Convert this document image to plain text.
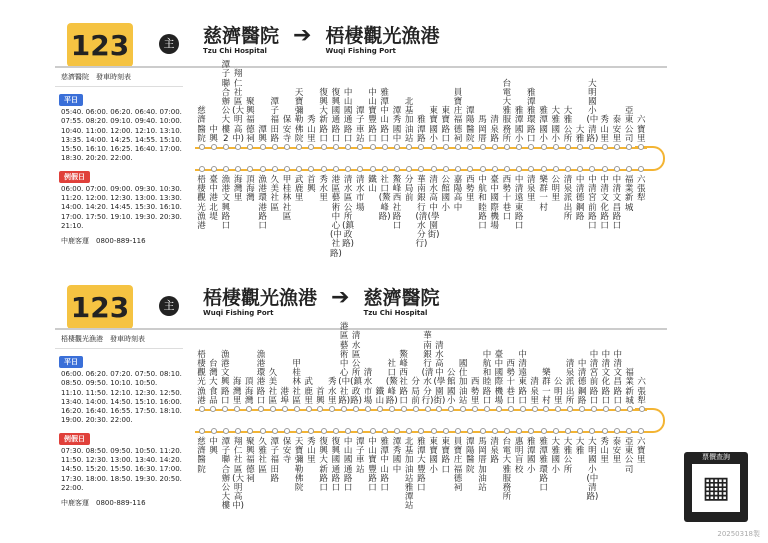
123	主 慈濟醫院
Tzu Chi Hospital
➔ 梧棲觀光漁港
Wuqi Fishing Port
慈濟醫院　發車時刻表
平日
05:40. 06:00. 06:20. 06:40. 07:00.
07:55. 08:20. 09:10. 09:40. 10:00.
10:40. 11:00. 12:00. 12:10. 13:10.
13:35. 14:00. 14:25. 14:55. 15:10.
15:50. 16:10. 16:25. 16:40. 17:00.
18:30. 20:20. 22:00.
例假日
06:00. 07:00. 09:00. 09:30. 10:30.
11:20. 12:00. 12:30. 13:00. 13:30.
14:00. 14:20. 14:45. 15:30. 16:10.
17:00. 17:50. 19:10. 19:30. 20:30.
21:10.
中鹿客運　0800-889-116
慈濟醫院
中興
子聯合辦公大樓2
翔仁社區(大明高中)
聚興福德祠
潭興
潭子福田路
保安寺
天寶彌勒佛院
秀山里
復興大新路口
復興國通路口
中山國通路口
潭子車站
中山寶豐路口
雅潭中山路口
潭秀國中
北基加油站
雅潭路
東寶國小
東寶路口
員寶庄福德祠
潭陽醫院
馬岡厝
清泉路
台電大雅服務所
雅潭國小
雅潭雅環路口
雅潭國小
大雅國小
大雅公所
大雅
大明國小(中清路)
秀山里
泰安里
亞東公司
六寶里
梧棲觀光漁港
臺中港北堤
漁港文興路口
海灣里
頂海灣
漁港環港路口
久美社區
甲桂林社區
武鹿里
首興
秀水里
港區藝術中心(中社路)
清水區公所(鎮政路)
清水市場
鐵山
社口(鰲峰路)
鰲峰西社路口
分局前
華南銀行(清水分行)
清水高中(學園街)
公館國小
嘉陽高中
西勢里
中航和睦路口
臺中國際機場
西勢十巷口
中清遠東路口
清泉里
樂群一村
公明里
清泉派出所
中清德鋼路
中清宮前路口
中清文化路口
中清文昌路口
福業新城
六張犁
123	主 梧棲觀光漁港
Wuqi Fishing Port
➔ 慈濟醫院
Tzu Chi Hospital
梧棲觀光漁港　發車時刻表
平日
06:00. 06:20. 07:20. 07:50. 08:10.
08:50. 09:50. 10:10. 10:50.
11:10. 11:50. 12:10. 12:30. 12:50.
13:40. 14:00. 14:50. 15:10. 16:00.
16:20. 16:40. 16:55. 17:50. 18:10.
19:00. 20:30. 22:00.
例假日
07:30. 08:50. 09:50. 10:50. 11:20.
11:50. 12:30. 13:00. 13:40. 14:20.
14:50. 15:20. 15:50. 16:30. 17:00.
17:30. 18:00. 18:50. 19:30. 20:50.
22:00.
中鹿客運　0800-889-116
梧棲觀光漁港
台灣大食品
漁港文興路口
海灣里
頂海灣
漁港環港路口
久美社區
港埠
甲桂林社區
武鹿里
首興
秀水里
區藝術中心(中社路)
清水區公所(鎮政路)
清水市場
鐵山
社口(鰲峰路)
鰲峰西社路口
分局前
華南銀行(清水分行)
清水高中(學園街)
公館國小
國仕加油站
西勢里
中航和睦路口
臺中國際機場
西勢十巷口
中清遠東路口
清泉里
樂群一村
公明里
清泉派出所
中清德鋼路
中清宮前路口
中清文化路口
中清文昌路口
福業新城
六張犁
慈濟醫院
中興
潭子聯合辦公大樓
翔仁社區(大明高中)
聚興福德祠
久雅社區
潭子福田路
保安寺
天寶彌勒佛院
秀山里
復興大新路口
復興國通路口
中山國通路口
潭子車站
中山寶豐路口
雅潭中山路口
潭秀國中
北基加油站雅潭站
雅潭大豐路口
東寶國小
東寶路口
員寶庄福德祠
潭陽醫院
馬岡厝加油站
清泉路
台電大雅服務所
惠明盲校
雅潭國小
雅潭雅環路口
大雅國小
大雅公所
大雅
大明國小(中清路)
秀山里
泰安里
亞東公司
六寶里	票價查詢
▦
20250318製
